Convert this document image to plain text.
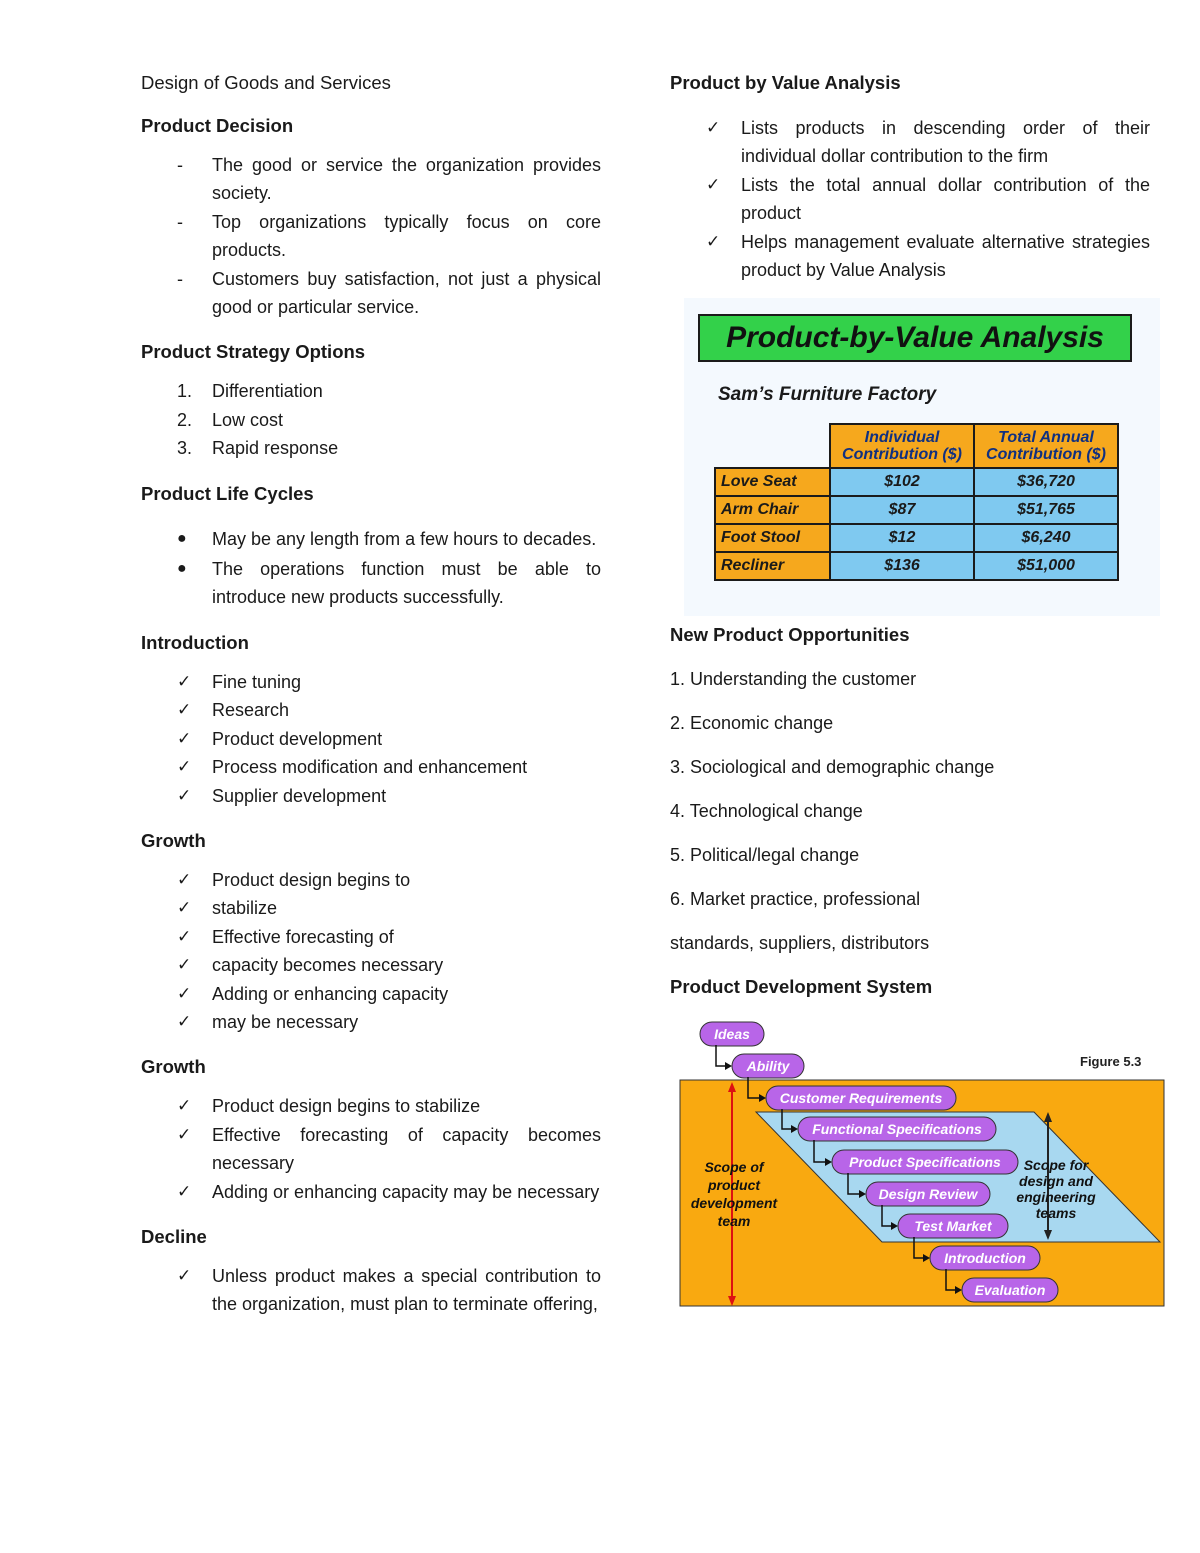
Design of Goods and Services

Product Decision

-	The good or service the organization provides society.

-	Top organizations typically focus on core products.

-	Customers buy satisfaction, not just a physical good or particular service.

Product Strategy Options

1.	Differentiation

2.	Low cost

3.	Rapid response

Product Life Cycles

●	May be any length from a few hours to decades.

●	The operations function must be able to introduce new products successfully.

Introduction

✓	Fine tuning

✓	Research

✓	Product development

✓	Process modification and enhancement

✓	Supplier development

Growth

✓	Product design begins to

✓	stabilize

✓	Effective forecasting of

✓	capacity becomes necessary

✓	Adding or enhancing capacity

✓	may be necessary

Growth

✓	Product design begins to stabilize

✓	Effective forecasting of capacity becomes necessary

✓	Adding or enhancing capacity may be necessary

Decline

✓	Unless product makes a special contribution to the organization, must plan to terminate offering,

Product by Value Analysis

✓	Lists products in descending order of their individual dollar contribution to the firm

✓	Lists the total annual dollar contribution of the product

✓	Helps management evaluate alternative strategies product by Value Analysis

Product-by-Value Analysis
Sam’s Furniture Factory
	Individual Contribution ($)	Total Annual Contribution ($)
Love Seat	$102	$36,720
Arm Chair	$87	$51,765
Foot Stool	$12	$6,240
Recliner	$136	$51,000

New Product Opportunities

1. Understanding the customer

2. Economic change

3. Sociological and demographic change

4. Technological change

5. Political/legal change

6. Market practice, professional

standards, suppliers, distributors

Product Development System

Figure 5.3
Scope of
product
development
team
Scope for
design and
engineering
teams
Ideas
Ability
Customer Requirements
Functional Specifications
Product Specifications
Design Review
Test Market
Introduction
Evaluation
